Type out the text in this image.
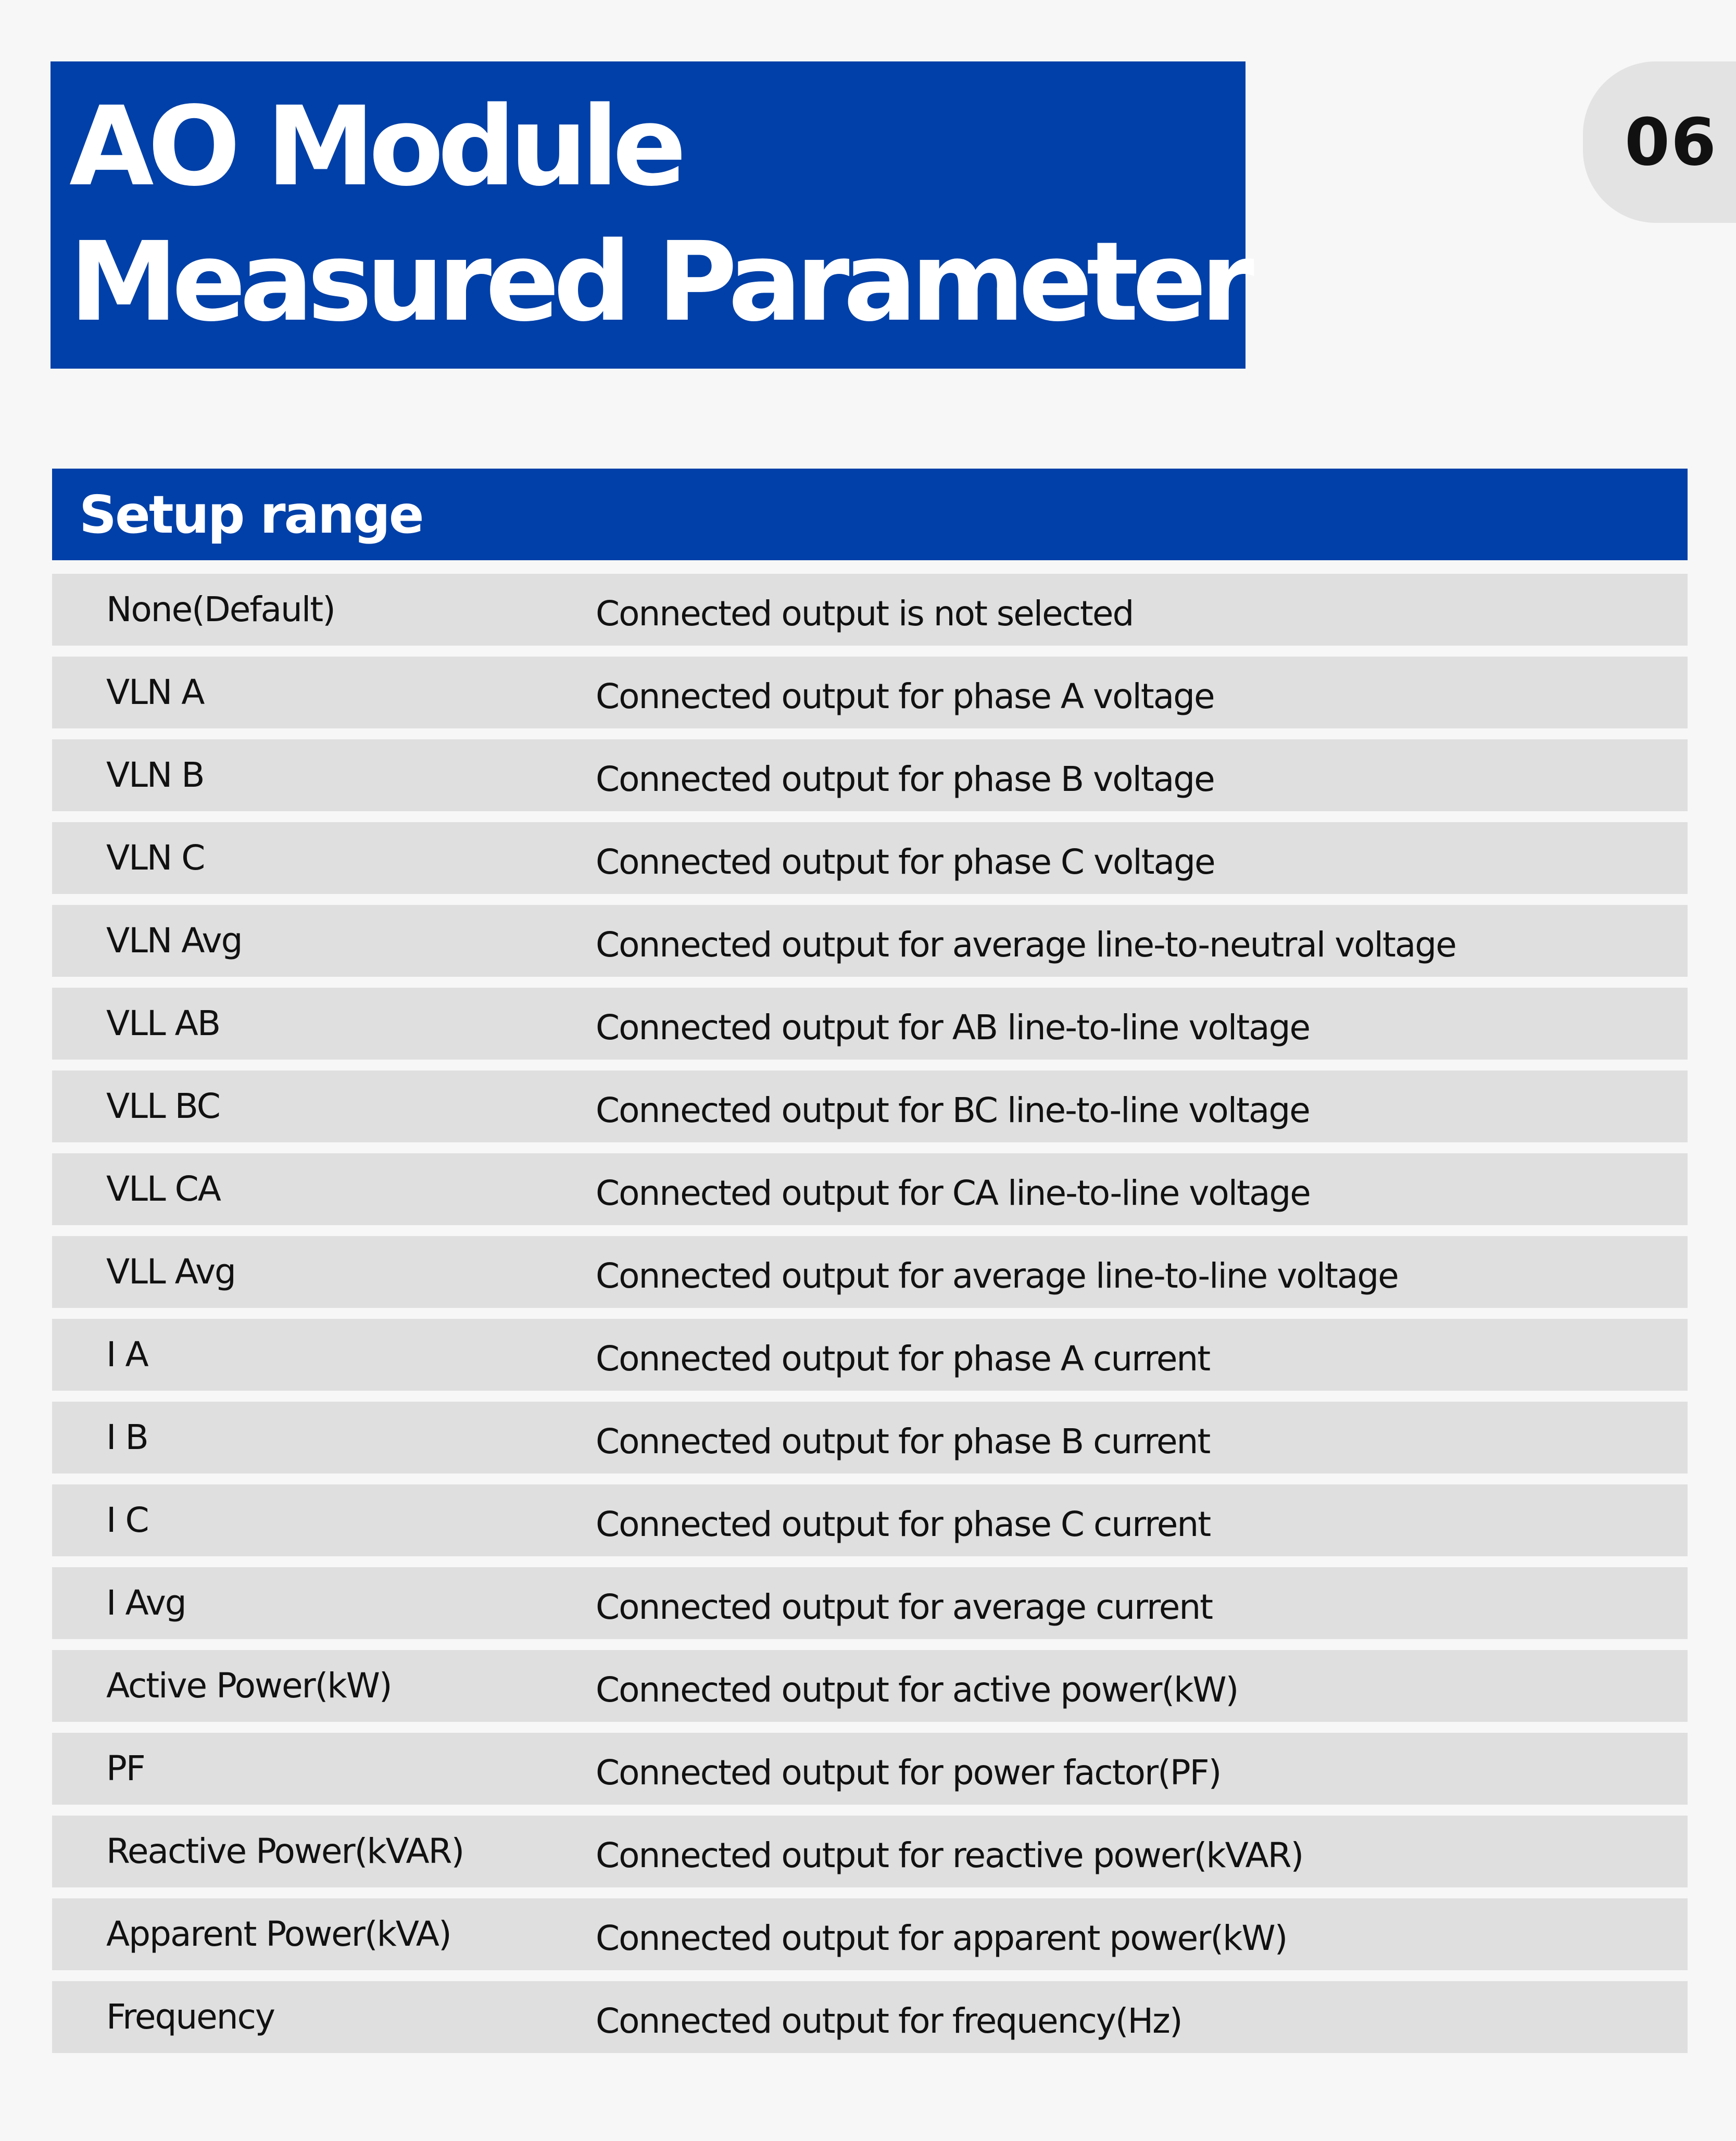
AO Module
Measured Parameter
06
Setup range
None(Default)	Connected output is not selected
VLN A	Connected output for phase A voltage
VLN B	Connected output for phase B voltage
VLN C	Connected output for phase C voltage
VLN Avg	Connected output for average line-to-neutral voltage
VLL AB	Connected output for AB line-to-line voltage
VLL BC	Connected output for BC line-to-line voltage
VLL CA	Connected output for CA line-to-line voltage
VLL Avg	Connected output for average line-to-line voltage
I A	Connected output for phase A current
I B	Connected output for phase B current
I C	Connected output for phase C current
I Avg	Connected output for average current
Active Power(kW)	Connected output for active power(kW)
PF	Connected output for power factor(PF)
Reactive Power(kVAR)	Connected output for reactive power(kVAR)
Apparent Power(kVA)	Connected output for apparent power(kW)
Frequency	Connected output for frequency(Hz)
